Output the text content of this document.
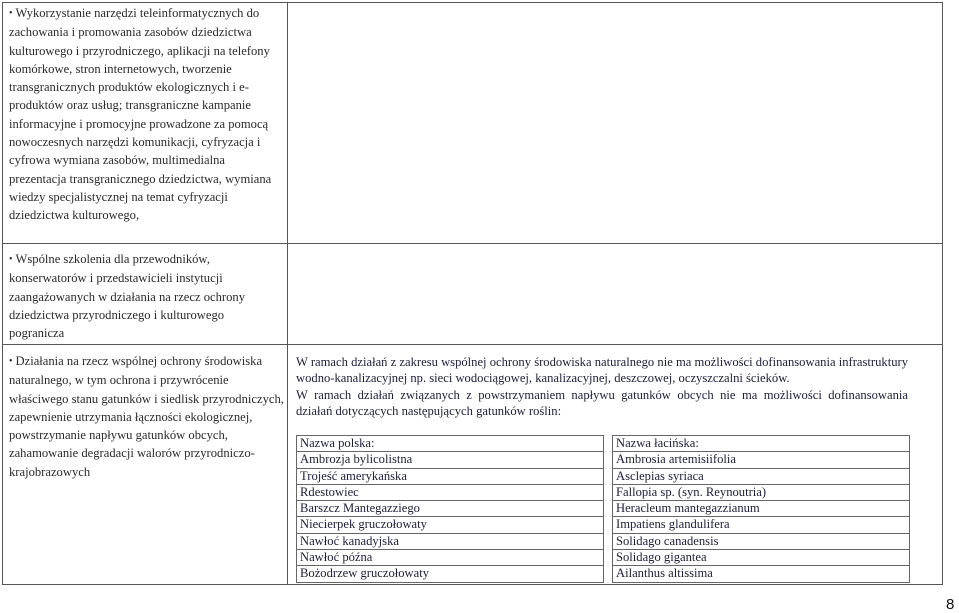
• Wykorzystanie narzędzi teleinformatycznych do zachowania i promowania zasobów dziedzictwa kulturowego i przyrodniczego, aplikacji na telefony komórkowe, stron internetowych, tworzenie transgranicznych produktów ekologicznych i e-produktów oraz usług; transgraniczne kampanie informacyjne i promocyjne prowadzone za pomocą nowoczesnych narzędzi komunikacji, cyfryzacja i cyfrowa wymiana zasobów, multimedialna prezentacja transgranicznego dziedzictwa, wymiana wiedzy specjalistycznej na temat cyfryzacji dziedzictwa kulturowego,
• Wspólne szkolenia dla przewodników, konserwatorów i przedstawicieli instytucji zaangażowanych w działania na rzecz ochrony dziedzictwa przyrodniczego i kulturowego pogranicza
• Działania na rzecz wspólnej ochrony środowiska naturalnego, w tym ochrona i przywrócenie właściwego stanu gatunków i siedlisk przyrodniczych, zapewnienie utrzymania łączności ekologicznej, powstrzymanie napływu gatunków obcych, zahamowanie degradacji walorów przyrodniczo-krajobrazowych
W ramach działań z zakresu wspólnej ochrony środowiska naturalnego nie ma możliwości dofinansowania infrastruktury wodno-kanalizacyjnej np. sieci wodociągowej, kanalizacyjnej, deszczowej, oczyszczalni ścieków.
W ramach działań związanych z powstrzymaniem napływu gatunków obcych nie ma możliwości dofinansowania działań dotyczących następujących gatunków roślin:
Nazwa polska:		Nazwa łacińska:
Ambrozja bylicolistna		Ambrosia artemisiifolia
Trojeść amerykańska		Asclepias syriaca
Rdestowiec		Fallopia sp. (syn. Reynoutria)
Barszcz Mantegazziego		Heracleum mantegazzianum
Niecierpek gruczołowaty		Impatiens glandulifera
Nawłoć kanadyjska		Solidago canadensis
Nawłoć późna		Solidago gigantea
Bożodrzew gruczołowaty		Ailanthus altissima
8
